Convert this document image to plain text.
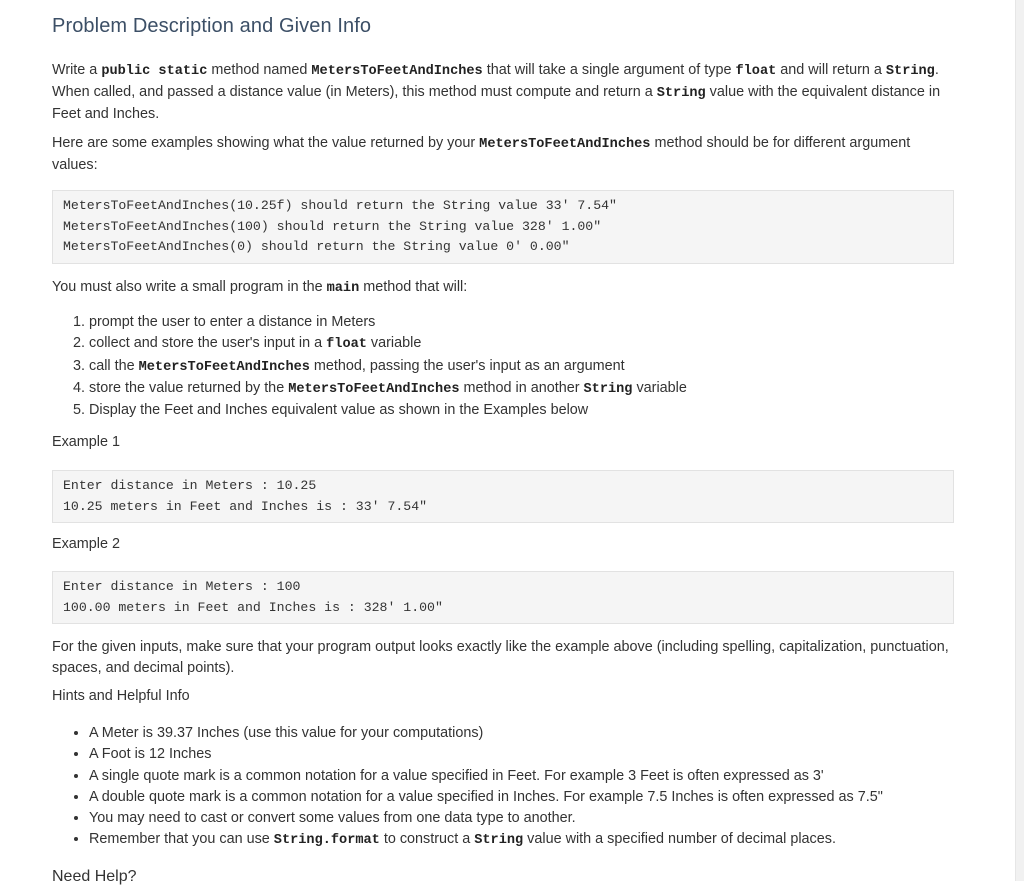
Problem Description and Given Info

Write a public static method named MetersToFeetAndInches that will take a single argument of type float and will return a String. When called, and passed a distance value (in Meters), this method must compute and return a String value with the equivalent distance in Feet and Inches.

Here are some examples showing what the value returned by your MetersToFeetAndInches method should be for different argument values:

MetersToFeetAndInches(10.25f) should return the String value 33' 7.54"
MetersToFeetAndInches(100) should return the String value 328' 1.00"
MetersToFeetAndInches(0) should return the String value 0' 0.00"

You must also write a small program in the main method that will:

1. prompt the user to enter a distance in Meters
2. collect and store the user's input in a float variable
3. call the MetersToFeetAndInches method, passing the user's input as an argument
4. store the value returned by the MetersToFeetAndInches method in another String variable
5. Display the Feet and Inches equivalent value as shown in the Examples below
Example 1
Enter distance in Meters : 10.25
10.25 meters in Feet and Inches is : 33' 7.54"
Example 2
Enter distance in Meters : 100
100.00 meters in Feet and Inches is : 328' 1.00"

For the given inputs, make sure that your program output looks exactly like the example above (including spelling, capitalization, punctuation, spaces, and decimal points).

Hints and Helpful Info
• A Meter is 39.37 Inches (use this value for your computations)
• A Foot is 12 Inches
• A single quote mark is a common notation for a value specified in Feet. For example 3 Feet is often expressed as 3'
• A double quote mark is a common notation for a value specified in Inches. For example 7.5 Inches is often expressed as 7.5"
• You may need to cast or convert some values from one data type to another.
• Remember that you can use String.format to construct a String value with a specified number of decimal places.
Need Help?
